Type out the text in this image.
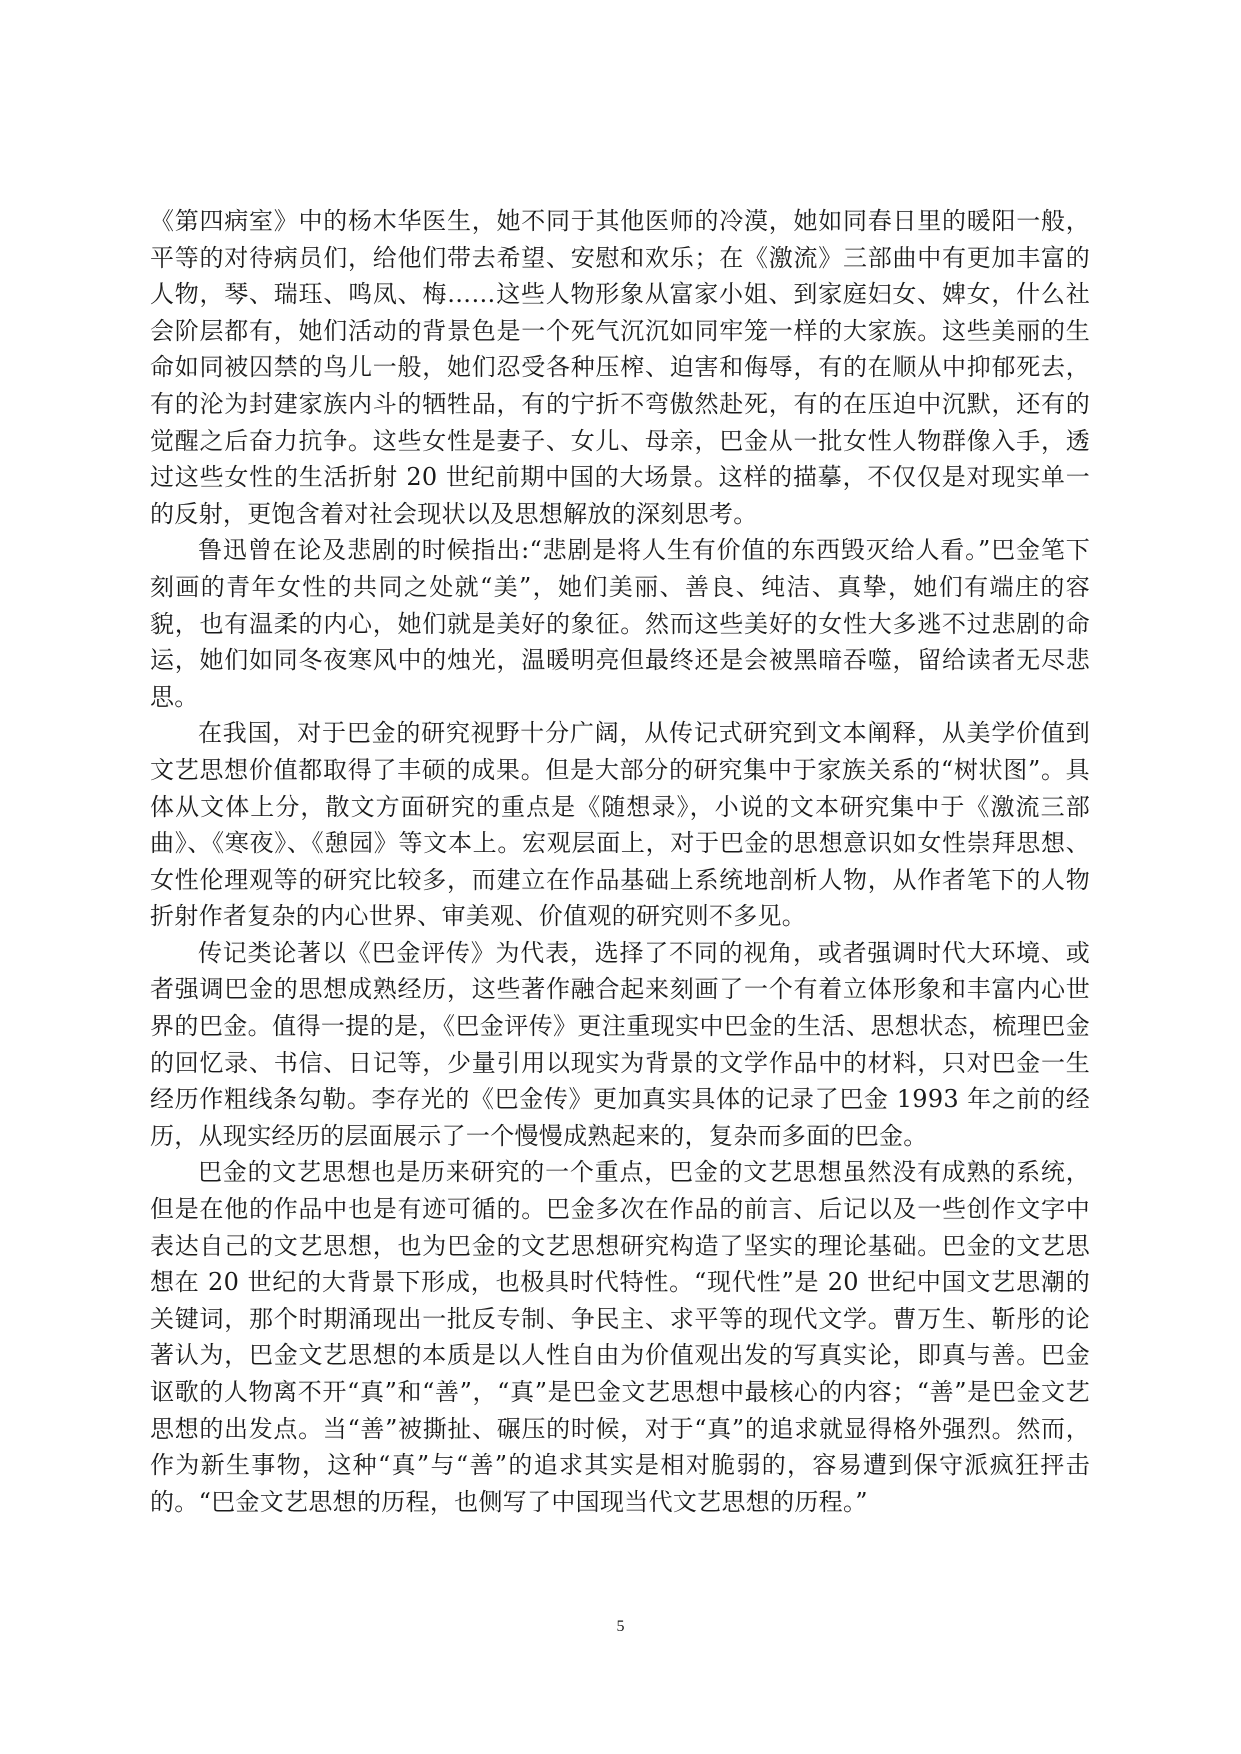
《第四病室》中的杨木华医生，她不同于其他医师的冷漠，她如同春日里的暖阳一般，平等的对待病员们，给他们带去希望、安慰和欢乐；在《激流》三部曲中有更加丰富的人物，琴、瑞珏、鸣凤、梅……这些人物形象从富家小姐、到家庭妇女、婢女，什么社会阶层都有，她们活动的背景色是一个死气沉沉如同牢笼一样的大家族。这些美丽的生命如同被囚禁的鸟儿一般，她们忍受各种压榨、迫害和侮辱，有的在顺从中抑郁死去，有的沦为封建家族内斗的牺牲品，有的宁折不弯傲然赴死，有的在压迫中沉默，还有的觉醒之后奋力抗争。这些女性是妻子、女儿、母亲，巴金从一批女性人物群像入手，透过这些女性的生活折射 20 世纪前期中国的大场景。这样的描摹，不仅仅是对现实单一的反射，更饱含着对社会现状以及思想解放的深刻思考。

鲁迅曾在论及悲剧的时候指出:“悲剧是将人生有价值的东西毁灭给人看。”巴金笔下刻画的青年女性的共同之处就“美”，她们美丽、善良、纯洁、真挚，她们有端庄的容貌，也有温柔的内心，她们就是美好的象征。然而这些美好的女性大多逃不过悲剧的命运，她们如同冬夜寒风中的烛光，温暖明亮但最终还是会被黑暗吞噬，留给读者无尽悲思。

在我国，对于巴金的研究视野十分广阔，从传记式研究到文本阐释，从美学价值到文艺思想价值都取得了丰硕的成果。但是大部分的研究集中于家族关系的“树状图”。具体从文体上分，散文方面研究的重点是《随想录》，小说的文本研究集中于《激流三部曲》、《寒夜》、《憩园》等文本上。宏观层面上，对于巴金的思想意识如女性崇拜思想、女性伦理观等的研究比较多，而建立在作品基础上系统地剖析人物，从作者笔下的人物折射作者复杂的内心世界、审美观、价值观的研究则不多见。

传记类论著以《巴金评传》为代表，选择了不同的视角，或者强调时代大环境、或者强调巴金的思想成熟经历，这些著作融合起来刻画了一个有着立体形象和丰富内心世界的巴金。值得一提的是，《巴金评传》更注重现实中巴金的生活、思想状态，梳理巴金的回忆录、书信、日记等，少量引用以现实为背景的文学作品中的材料，只对巴金一生经历作粗线条勾勒。李存光的《巴金传》更加真实具体的记录了巴金 1993 年之前的经历，从现实经历的层面展示了一个慢慢成熟起来的，复杂而多面的巴金。

巴金的文艺思想也是历来研究的一个重点，巴金的文艺思想虽然没有成熟的系统，但是在他的作品中也是有迹可循的。巴金多次在作品的前言、后记以及一些创作文字中表达自己的文艺思想，也为巴金的文艺思想研究构造了坚实的理论基础。巴金的文艺思想在 20 世纪的大背景下形成，也极具时代特性。“现代性”是 20 世纪中国文艺思潮的关键词，那个时期涌现出一批反专制、争民主、求平等的现代文学。曹万生、靳彤的论著认为，巴金文艺思想的本质是以人性自由为价值观出发的写真实论，即真与善。巴金讴歌的人物离不开“真”和“善”，“真”是巴金文艺思想中最核心的内容；“善”是巴金文艺思想的出发点。当“善”被撕扯、碾压的时候，对于“真”的追求就显得格外强烈。然而，作为新生事物，这种“真”与“善”的追求其实是相对脆弱的，容易遭到保守派疯狂抨击的。“巴金文艺思想的历程，也侧写了中国现当代文艺思想的历程。”

5
